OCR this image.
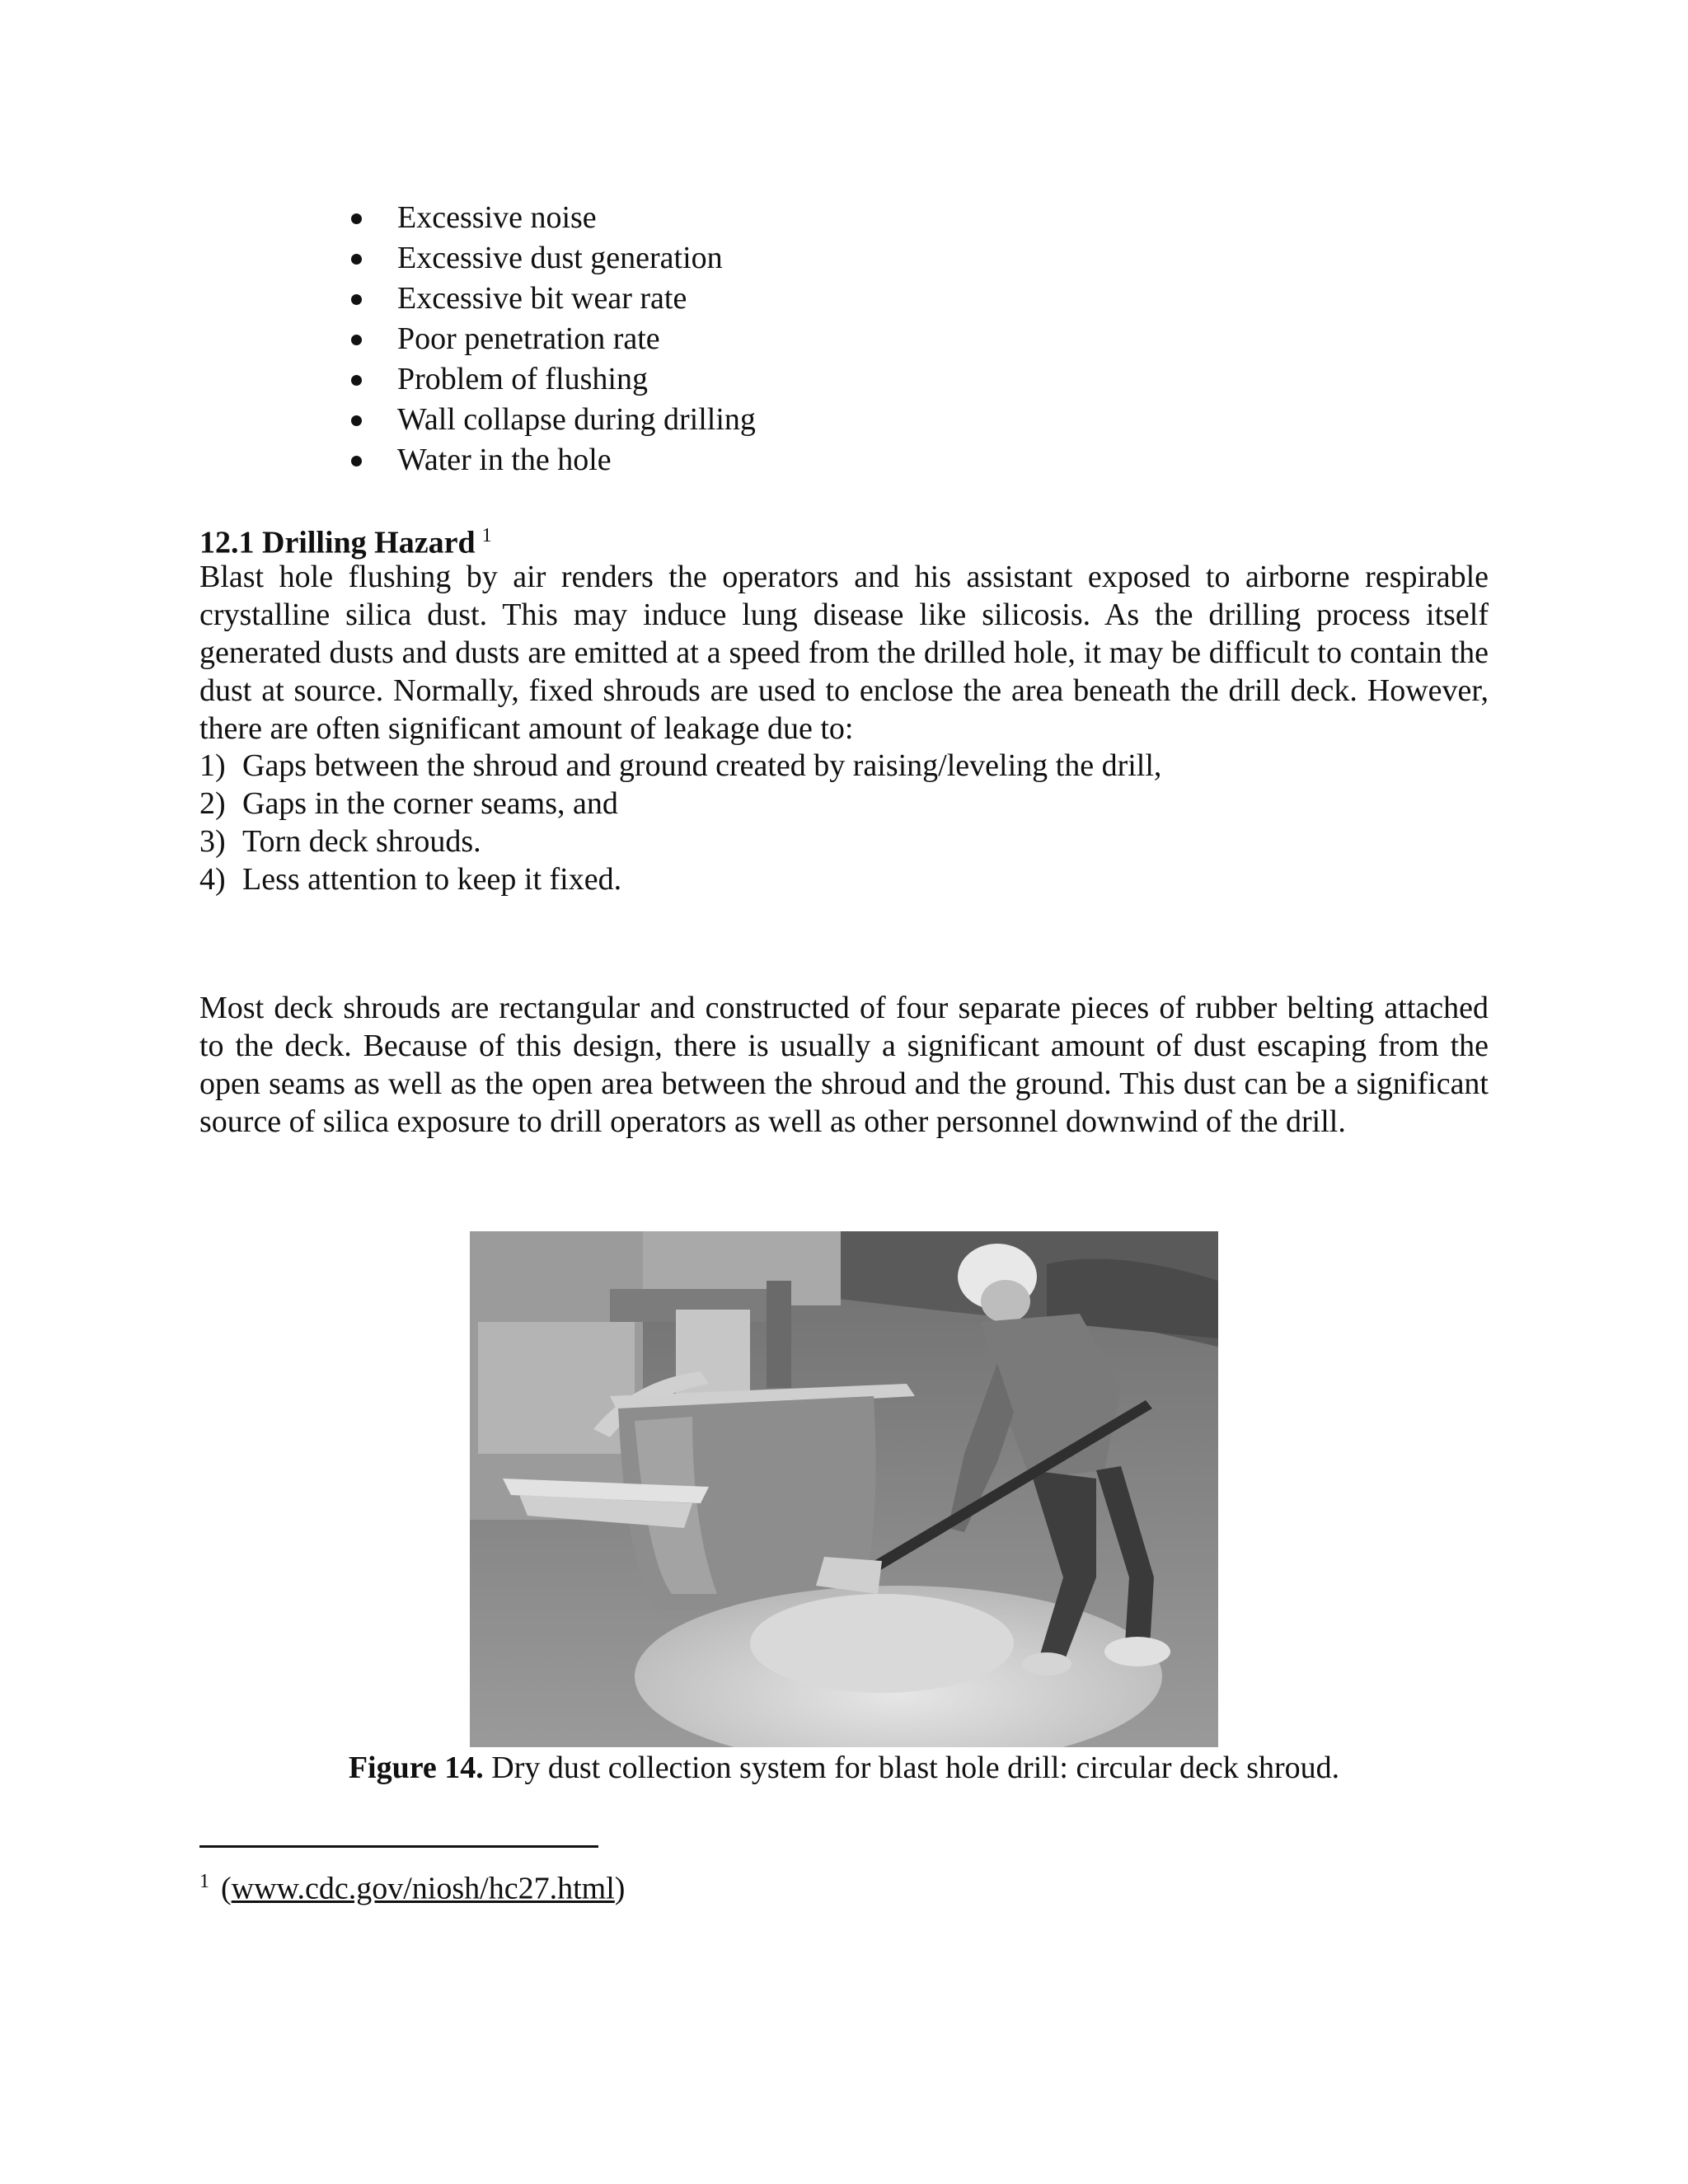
Excessive noise
Excessive dust generation
Excessive bit wear rate
Poor penetration rate
Problem of flushing
Wall collapse during drilling
Water in the hole
12.1 Drilling Hazard $^1$

Blast hole flushing by air renders the operators and his assistant exposed to airborne respirable crystalline silica dust. This may induce lung disease like silicosis. As the drilling process itself generated dusts and dusts are emitted at a speed from the drilled hole, it may be difficult to contain the dust at source. Normally, fixed shrouds are used to enclose the area beneath the drill deck. However, there are often significant amount of leakage due to:

1) Gaps between the shroud and ground created by raising/leveling the drill,
2) Gaps in the corner seams, and
3) Torn deck shrouds.
4) Less attention to keep it fixed.

Most deck shrouds are rectangular and constructed of four separate pieces of rubber belting attached to the deck. Because of this design, there is usually a significant amount of dust escaping from the open seams as well as the open area between the shroud and the ground. This dust can be a significant source of silica exposure to drill operators as well as other personnel downwind of the drill.

Figure 14. Dry dust collection system for blast hole drill: circular deck shroud.

$^1$ (www.cdc.gov/niosh/hc27.html)
